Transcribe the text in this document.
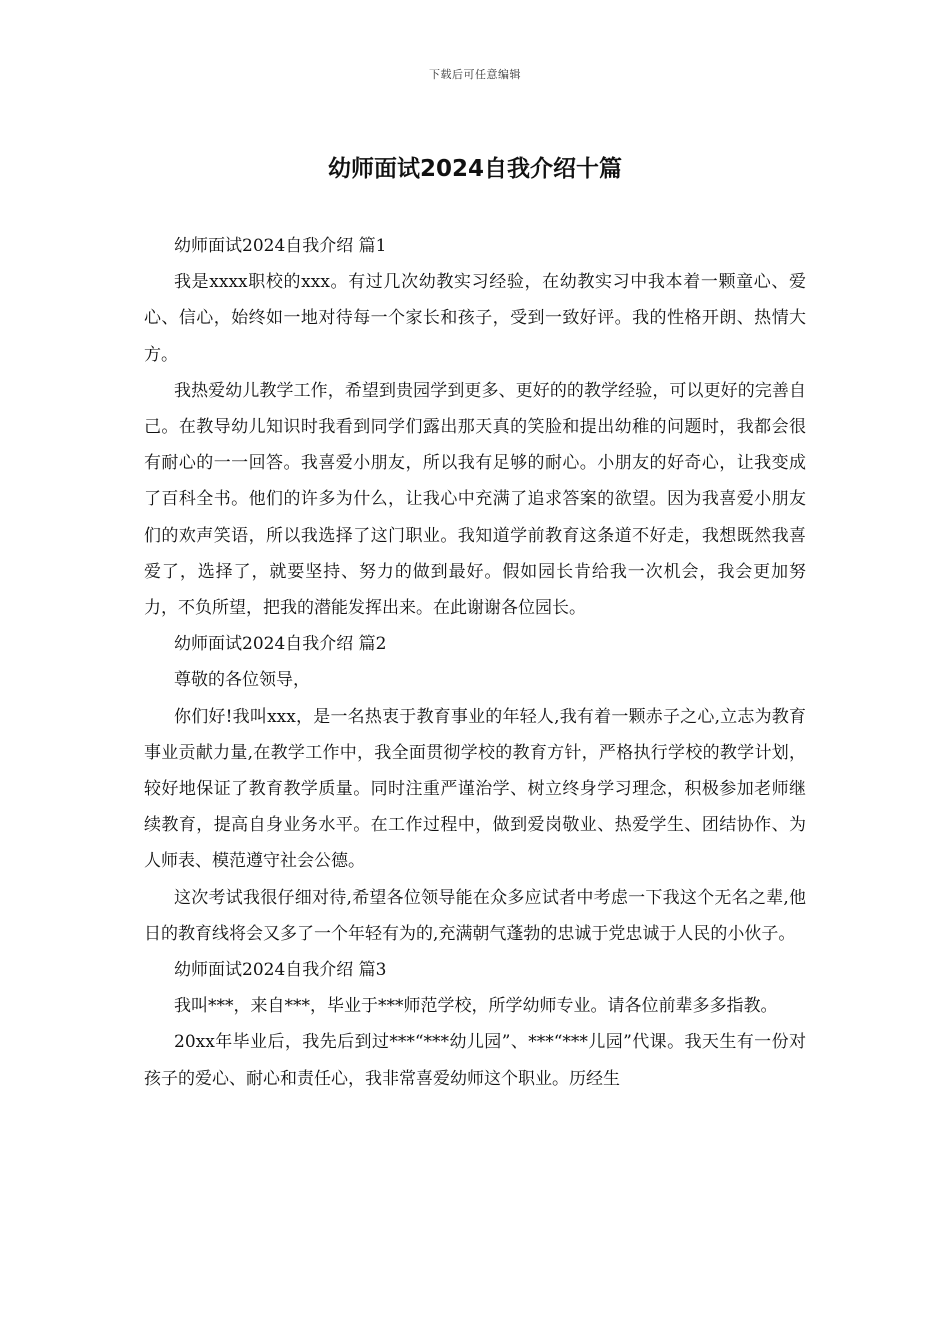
下载后可任意编辑
幼师面试2024自我介绍十篇

幼师面试2024自我介绍 篇1

我是xxxx职校的xxx。有过几次幼教实习经验，在幼教实习中我本着一颗童心、爱心、信心，始终如一地对待每一个家长和孩子，受到一致好评。我的性格开朗、热情大方。

我热爱幼儿教学工作，希望到贵园学到更多、更好的的教学经验，可以更好的完善自己。在教导幼儿知识时我看到同学们露出那天真的笑脸和提出幼稚的问题时，我都会很有耐心的一一回答。我喜爱小朋友，所以我有足够的耐心。小朋友的好奇心，让我变成了百科全书。他们的许多为什么，让我心中充满了追求答案的欲望。因为我喜爱小朋友们的欢声笑语，所以我选择了这门职业。我知道学前教育这条道不好走，我想既然我喜爱了，选择了，就要坚持、努力的做到最好。假如园长肯给我一次机会，我会更加努力，不负所望，把我的潜能发挥出来。在此谢谢各位园长。

幼师面试2024自我介绍 篇2

尊敬的各位领导，

你们好!我叫xxx，是一名热衷于教育事业的年轻人,我有着一颗赤子之心,立志为教育事业贡献力量,在教学工作中，我全面贯彻学校的教育方针，严格执行学校的教学计划，较好地保证了教育教学质量。同时注重严谨治学、树立终身学习理念，积极参加老师继续教育，提高自身业务水平。在工作过程中，做到爱岗敬业、热爱学生、团结协作、为人师表、模范遵守社会公德。

这次考试我很仔细对待,希望各位领导能在众多应试者中考虑一下我这个无名之辈,他日的教育线将会又多了一个年轻有为的,充满朝气蓬勃的忠诚于党忠诚于人民的小伙子。

幼师面试2024自我介绍 篇3

我叫***，来自***，毕业于***师范学校，所学幼师专业。请各位前辈多多指教。

20xx年毕业后，我先后到过***“***幼儿园”、***“***儿园”代课。我天生有一份对孩子的爱心、耐心和责任心，我非常喜爱幼师这个职业。历经生
